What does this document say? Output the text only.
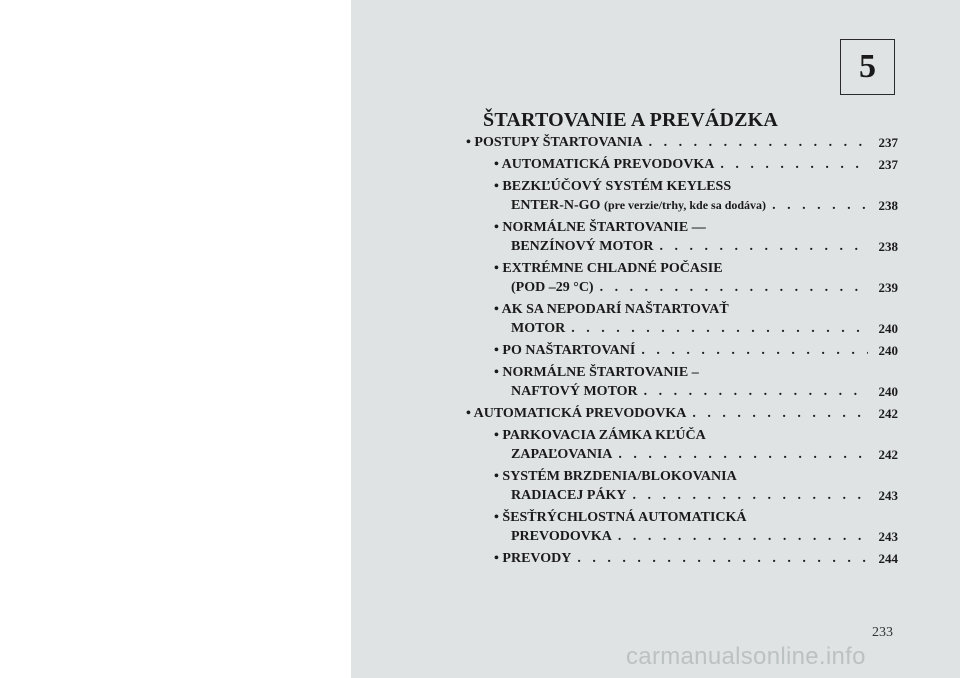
5
ŠTARTOVANIE A PREVÁDZKA
• POSTUPY ŠTARTOVANIA . . .	237
• AUTOMATICKÁ PREVODOVKA . . .	237
• BEZKĽÚČOVÝ SYSTÉM KEYLESS
ENTER-N-GO (pre verzie/trhy, kde sa dodáva) . . .	238
• NORMÁLNE ŠTARTOVANIE —
BENZÍNOVÝ MOTOR . . .	238
• EXTRÉMNE CHLADNÉ POČASIE
(POD –29 °C) . . .	239
• AK SA NEPODARÍ NAŠTARTOVAŤ
MOTOR . . .	240
• PO NAŠTARTOVANÍ . . .	240
• NORMÁLNE ŠTARTOVANIE –
NAFTOVÝ MOTOR . . .	240
• AUTOMATICKÁ PREVODOVKA . . .	242
• PARKOVACIA ZÁMKA KĽÚČA
ZAPAĽOVANIA . . .	242
• SYSTÉM BRZDENIA/BLOKOVANIA
RADIACEJ PÁKY . . .	243
• ŠESŤRÝCHLOSTNÁ AUTOMATICKÁ
PREVODOVKA . . .	243
• PREVODY . . .	244
233
carmanualsonline.info
